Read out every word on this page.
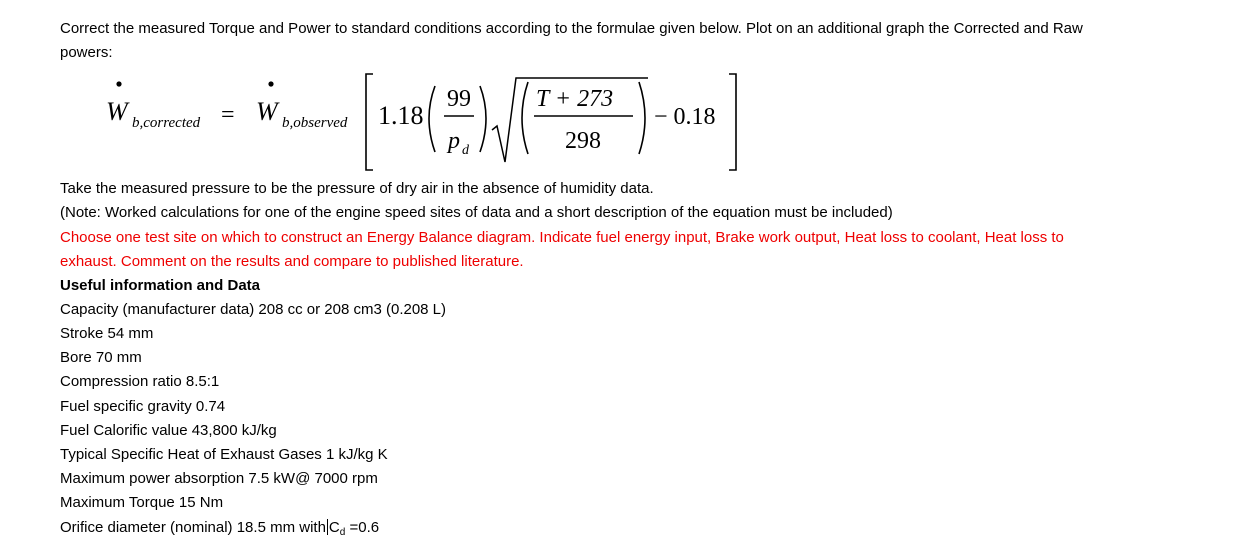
Correct the measured Torque and Power to standard conditions according to the formulae given below. Plot on an additional graph the Corrected and Raw
powers:
W b,corrected = W b,observed 1.18
99
p d
T + 273
298
− 0.18
Take the measured pressure to be the pressure of dry air in the absence of humidity data.
(Note: Worked calculations for one of the engine speed sites of data and a short description of the equation must be included)
Choose one test site on which to construct an Energy Balance diagram. Indicate fuel energy input, Brake work output, Heat loss to coolant, Heat loss to
exhaust. Comment on the results and compare to published literature.
Useful information and Data
Capacity (manufacturer data) 208 cc or 208 cm3 (0.208 L)
Stroke 54 mm
Bore 70 mm
Compression ratio 8.5:1
Fuel specific gravity 0.74
Fuel Calorific value 43,800 kJ/kg
Typical Specific Heat of Exhaust Gases 1 kJ/kg K
Maximum power absorption 7.5 kW@ 7000 rpm
Maximum Torque 15 Nm
Orifice diameter (nominal) 18.5 mm with $C_d =0.6$
